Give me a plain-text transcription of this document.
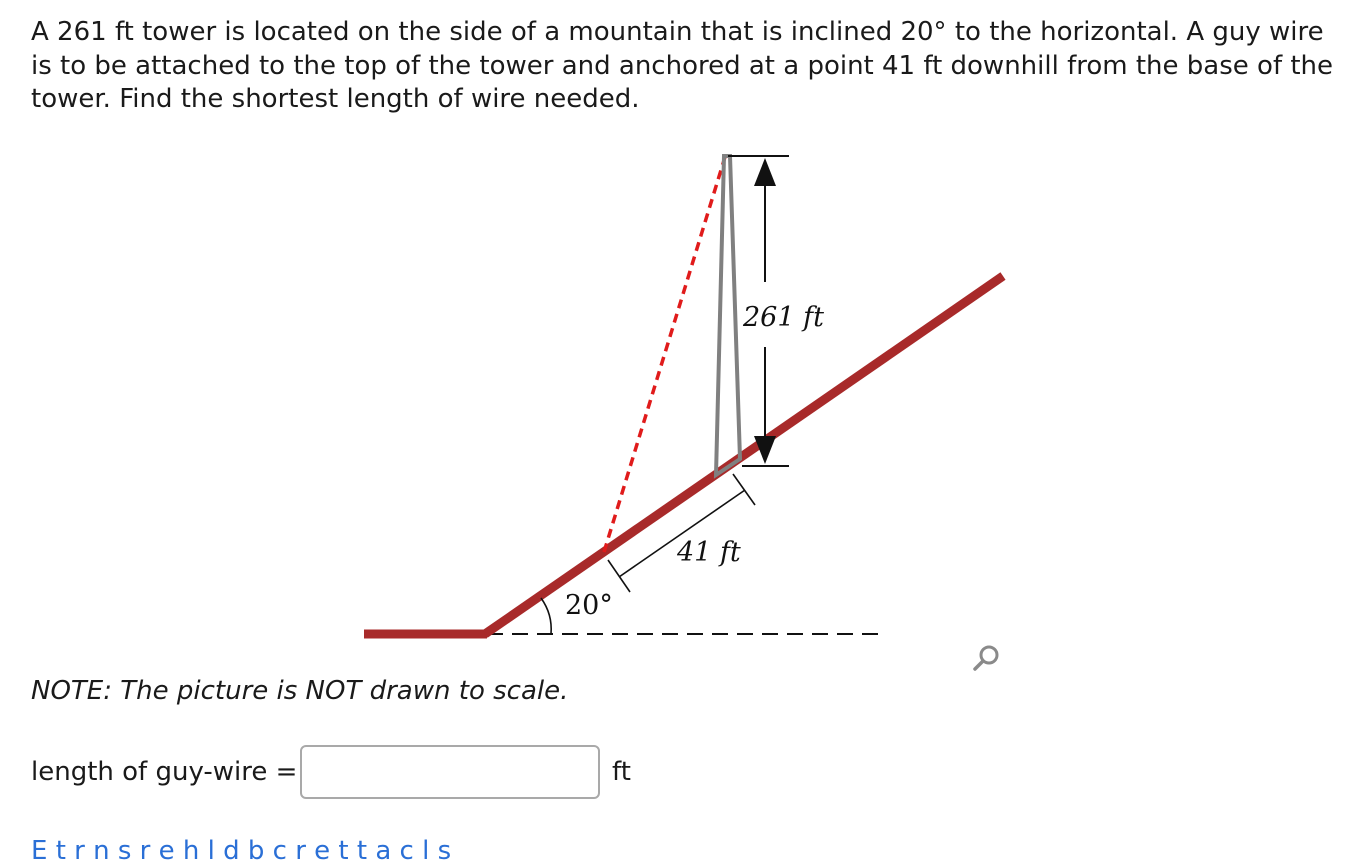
A 261 ft tower is located on the side of a mountain that is inclined 20° to the horizontal. A guy wire is to be attached to the top of the tower and anchored at a point 41 ft downhill from the base of the tower. Find the shortest length of wire needed.

261 ft
41 ft
20°

NOTE: The picture is NOT drawn to scale.

length of guy-wire =	ft
E t r n s r e h l d b c r e t t a c l s
